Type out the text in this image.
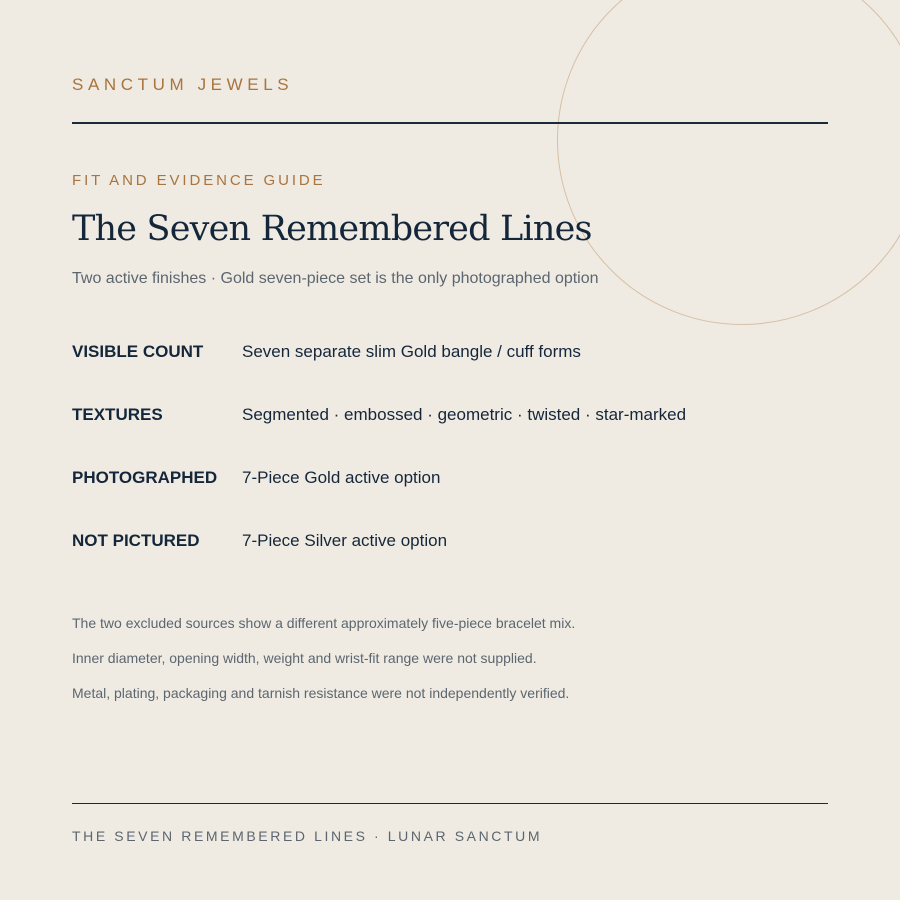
SANCTUM JEWELS
FIT AND EVIDENCE GUIDE
The Seven Remembered Lines
Two active finishes · Gold seven-piece set is the only photographed option
VISIBLE COUNT Seven separate slim Gold bangle / cuff forms
TEXTURES	Segmented · embossed · geometric · twisted · star-marked
PHOTOGRAPHED 7-Piece Gold active option
NOT PICTURED	7-Piece Silver active option
The two excluded sources show a different approximately five-piece bracelet mix.
Inner diameter, opening width, weight and wrist-fit range were not supplied.
Metal, plating, packaging and tarnish resistance were not independently verified.
THE SEVEN REMEMBERED LINES · LUNAR SANCTUM
